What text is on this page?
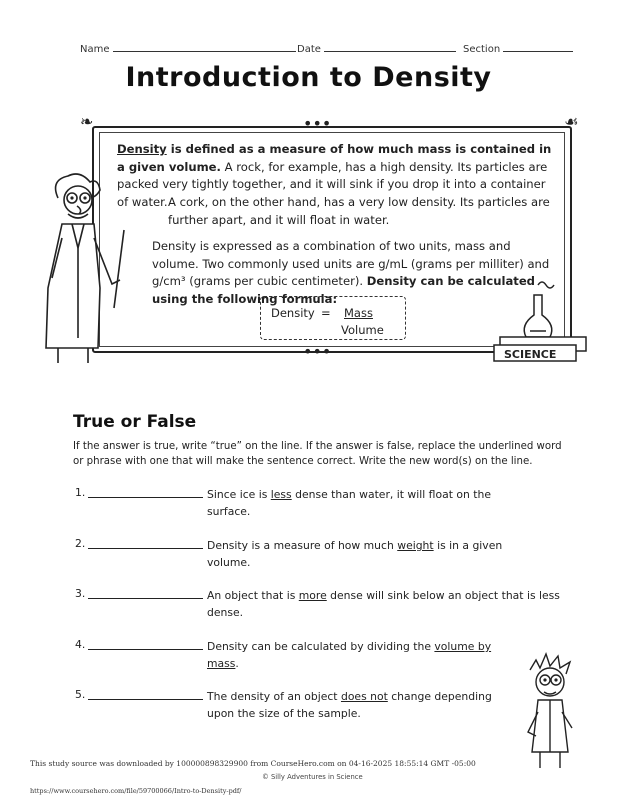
Name	Date	Section
Introduction to Density
❧	☙
•••
•••
Density is defined as a measure of how much mass is contained in a given volume. A rock, for example, has a high density. Its particles are packed very tightly together, and it will sink if you drop it into a container of water. A cork, on the other hand, has a very low density. Its particles are further apart, and it will float in water.
Density is expressed as a combination of two units, mass and volume. Two commonly used units are g/mL (grams per milliter) and g/cm³ (grams per cubic centimeter). Density can be calculated using the following formula:
Density = Mass
Volume
SCIENCE
True or False
If the answer is true, write “true” on the line. If the answer is false, replace the underlined word or phrase with one that will make the sentence correct. Write the new word(s) on the line.
1.	Since ice is less dense than water, it will float on the surface.
2.	Density is a measure of how much weight is in a given volume.
3.	An object that is more dense will sink below an object that is less dense.
4.	Density can be calculated by dividing the volume by mass.
5.	The density of an object does not change depending upon the size of the sample.
This study source was downloaded by 100000898329900 from CourseHero.com on 04-16-2025 18:55:14 GMT -05:00
© Silly Adventures in Science
https://www.coursehero.com/file/59700066/Intro-to-Density-pdf/
